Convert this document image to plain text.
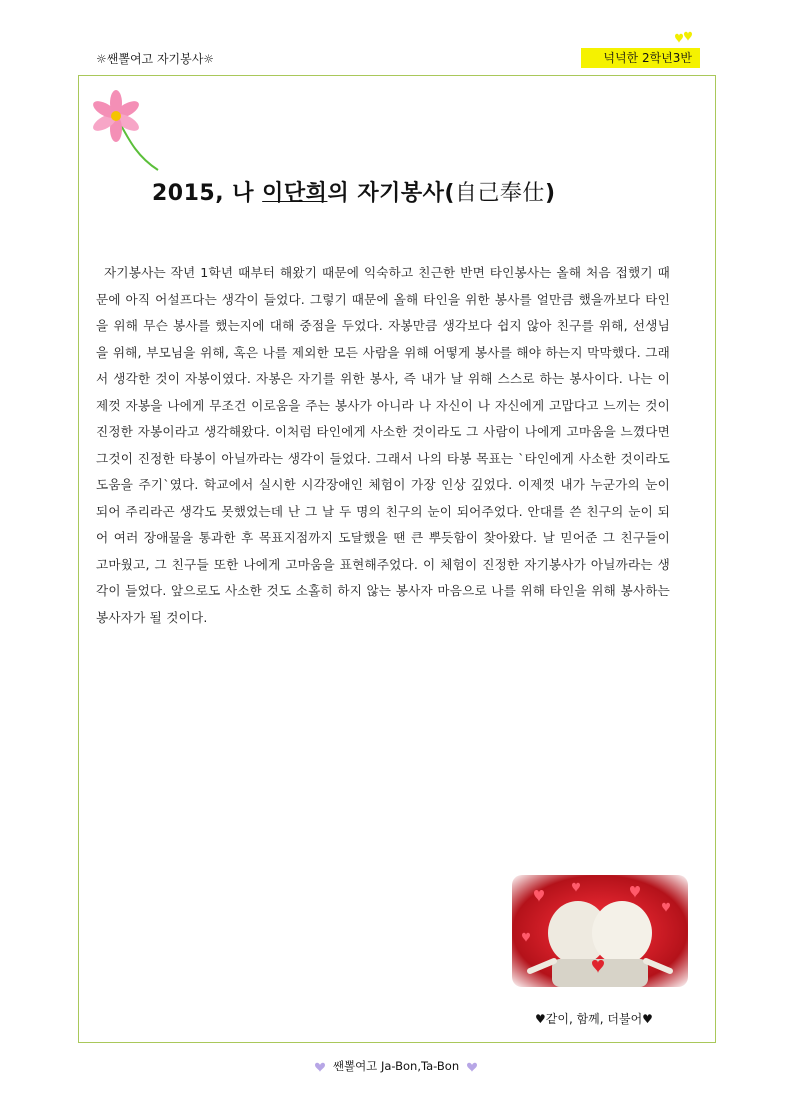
☼쌘뽈여고 자기봉사☼	넉넉한 2학년3반
2015, 나 이단희의 자기봉사(自己奉仕)

자기봉사는 작년 1학년 때부터 해왔기 때문에 익숙하고 친근한 반면 타인봉사는 올해 처음 접했기 때문에 아직 어설프다는 생각이 들었다. 그렇기 때문에 올해 타인을 위한 봉사를 얼만큼 했을까보다 타인을 위해 무슨 봉사를 했는지에 대해 중점을 두었다. 자봉만큼 생각보다 쉽지 않아 친구를 위해, 선생님을 위해, 부모님을 위해, 혹은 나를 제외한 모든 사람을 위해 어떻게 봉사를 해야 하는지 막막했다. 그래서 생각한 것이 자봉이였다. 자봉은 자기를 위한 봉사, 즉 내가 날 위해 스스로 하는 봉사이다. 나는 이제껏 자봉을 나에게 무조건 이로움을 주는 봉사가 아니라 나 자신이 나 자신에게 고맙다고 느끼는 것이 진정한 자봉이라고 생각해왔다. 이처럼 타인에게 사소한 것이라도 그 사람이 나에게 고마움을 느꼈다면 그것이 진정한 타봉이 아닐까라는 생각이 들었다. 그래서 나의 타봉 목표는 `타인에게 사소한 것이라도 도움을 주기`였다. 학교에서 실시한 시각장애인 체험이 가장 인상 깊었다. 이제껏 내가 누군가의 눈이 되어 주리라곤 생각도 못했었는데 난 그 날 두 명의 친구의 눈이 되어주었다. 안대를 쓴 친구의 눈이 되어 여러 장애물을 통과한 후 목표지점까지 도달했을 땐 큰 뿌듯함이 찾아왔다. 날 믿어준 그 친구들이 고마웠고, 그 친구들 또한 나에게 고마움을 표현해주었다. 이 체험이 진정한 자기봉사가 아닐까라는 생각이 들었다. 앞으로도 사소한 것도 소홀히 하지 않는 봉사자 마음으로 나를 위해 타인을 위해 봉사하는 봉사자가 될 것이다.

♥같이, 함께, 더불어♥
쌘뽈여고 Ja-Bon,Ta-Bon
